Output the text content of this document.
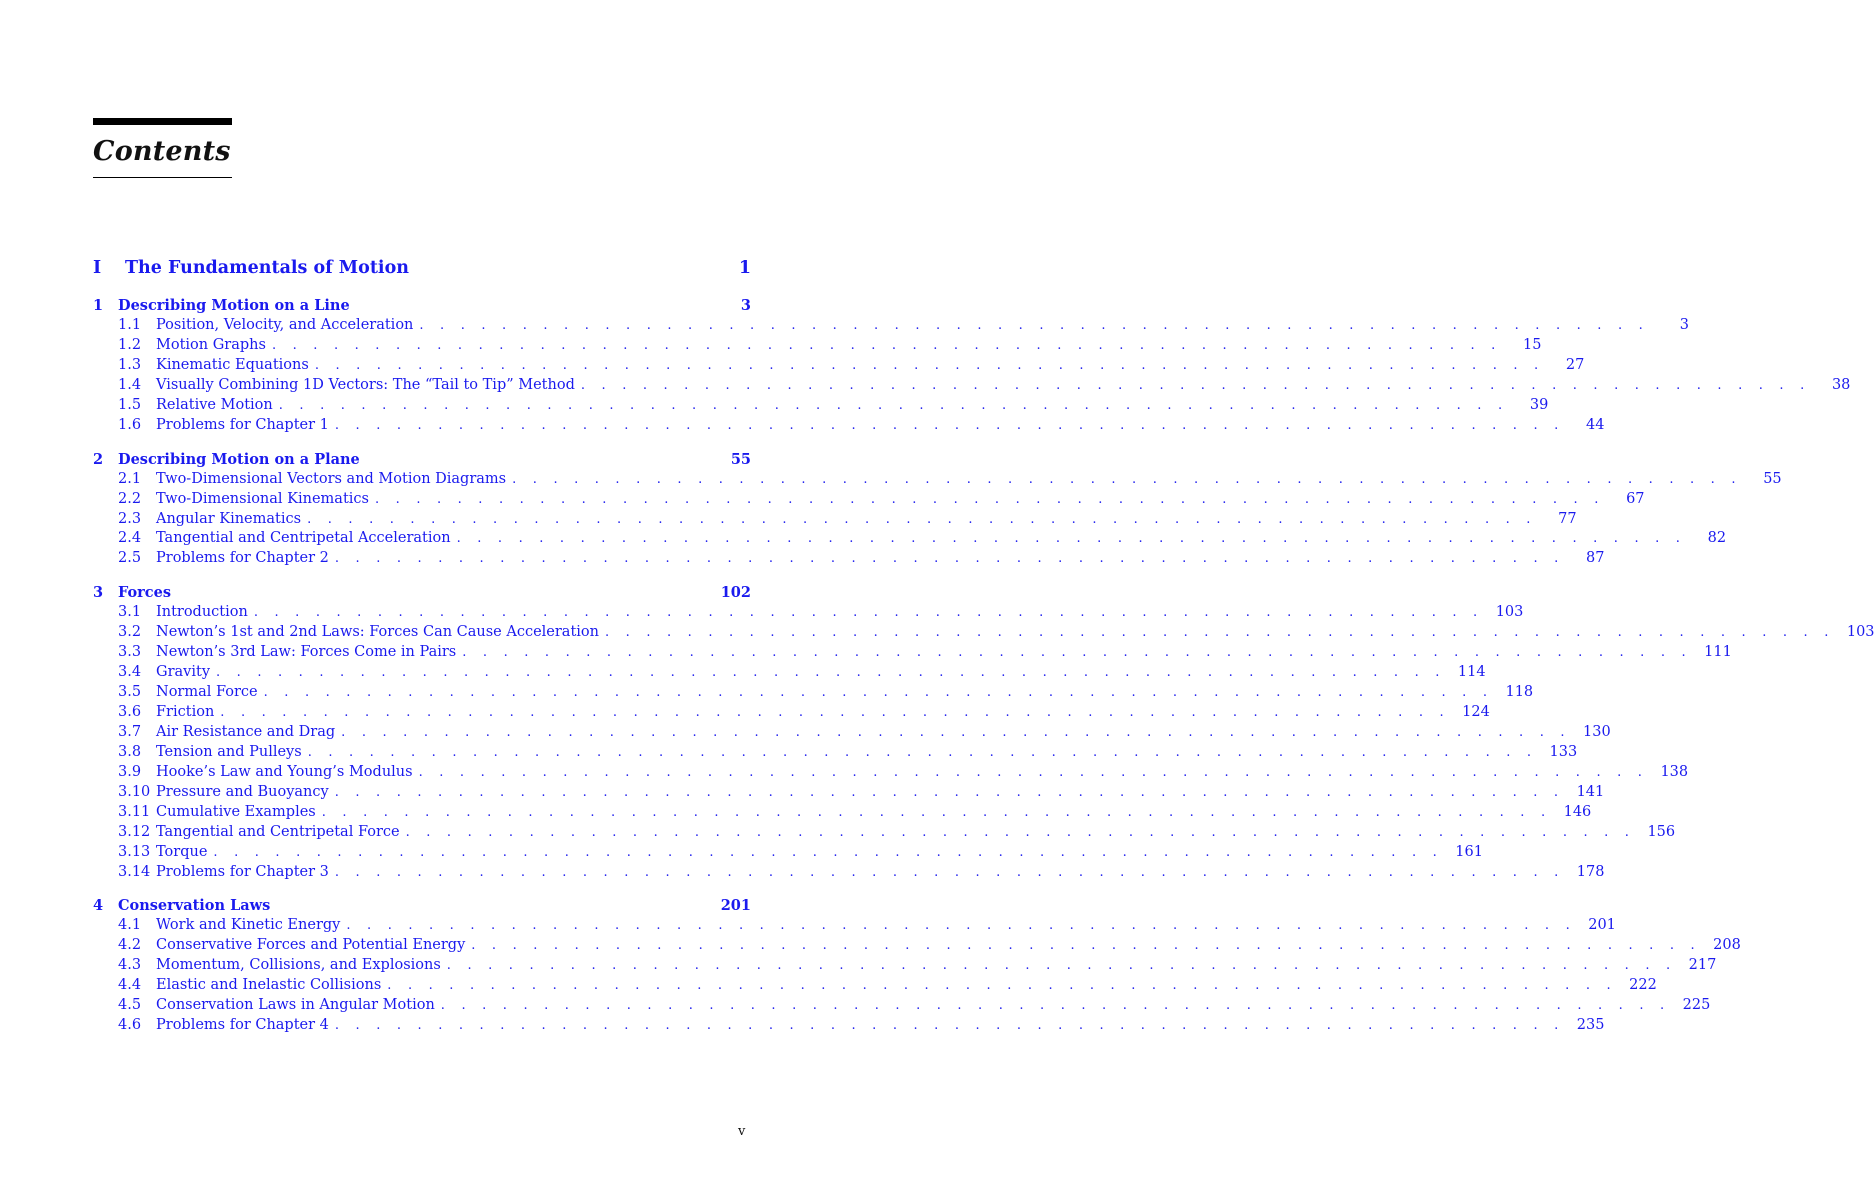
Contents
I	The Fundamentals of Motion	1
1	Describing Motion on a Line	3
1.1	Position, Velocity, and Acceleration . . . . . . . . . . . . . . . . . . . . . . . . . . . . . . . . . . . . . . . . . . . . . . . . . . . . . . . . . . . .	3
1.2	Motion Graphs . . . . . . . . . . . . . . . . . . . . . . . . . . . . . . . . . . . . . . . . . . . . . . . . . . . . . . . . . . . .	15
1.3	Kinematic Equations . . . . . . . . . . . . . . . . . . . . . . . . . . . . . . . . . . . . . . . . . . . . . . . . . . . . . . . . . . . .	27
1.4	Visually Combining 1D Vectors: The “Tail to Tip” Method . . . . . . . . . . . . . . . . . . . . . . . . . . . . . . . . . . . . . . . . . . . . . . . . . . . . . . . . . . . .	38
1.5	Relative Motion . . . . . . . . . . . . . . . . . . . . . . . . . . . . . . . . . . . . . . . . . . . . . . . . . . . . . . . . . . . .	39
1.6	Problems for Chapter 1 . . . . . . . . . . . . . . . . . . . . . . . . . . . . . . . . . . . . . . . . . . . . . . . . . . . . . . . . . . . .	44
2	Describing Motion on a Plane	55
2.1	Two-Dimensional Vectors and Motion Diagrams . . . . . . . . . . . . . . . . . . . . . . . . . . . . . . . . . . . . . . . . . . . . . . . . . . . . . . . . . . . .	55
2.2	Two-Dimensional Kinematics . . . . . . . . . . . . . . . . . . . . . . . . . . . . . . . . . . . . . . . . . . . . . . . . . . . . . . . . . . . .	67
2.3	Angular Kinematics . . . . . . . . . . . . . . . . . . . . . . . . . . . . . . . . . . . . . . . . . . . . . . . . . . . . . . . . . . . .	77
2.4	Tangential and Centripetal Acceleration . . . . . . . . . . . . . . . . . . . . . . . . . . . . . . . . . . . . . . . . . . . . . . . . . . . . . . . . . . . .	82
2.5	Problems for Chapter 2 . . . . . . . . . . . . . . . . . . . . . . . . . . . . . . . . . . . . . . . . . . . . . . . . . . . . . . . . . . . .	87
3	Forces	102
3.1	Introduction . . . . . . . . . . . . . . . . . . . . . . . . . . . . . . . . . . . . . . . . . . . . . . . . . . . . . . . . . . . . 103
3.2	Newton’s 1st and 2nd Laws: Forces Can Cause Acceleration . . . . . . . . . . . . . . . . . . . . . . . . . . . . . . . . . . . . . . . . . . . . . . . . . . . . . . . . . . . . 103
3.3	Newton’s 3rd Law: Forces Come in Pairs . . . . . . . . . . . . . . . . . . . . . . . . . . . . . . . . . . . . . . . . . . . . . . . . . . . . . . . . . . . . 111
3.4	Gravity . . . . . . . . . . . . . . . . . . . . . . . . . . . . . . . . . . . . . . . . . . . . . . . . . . . . . . . . . . . . 114
3.5	Normal Force . . . . . . . . . . . . . . . . . . . . . . . . . . . . . . . . . . . . . . . . . . . . . . . . . . . . . . . . . . . . 118
3.6	Friction . . . . . . . . . . . . . . . . . . . . . . . . . . . . . . . . . . . . . . . . . . . . . . . . . . . . . . . . . . . . 124
3.7	Air Resistance and Drag . . . . . . . . . . . . . . . . . . . . . . . . . . . . . . . . . . . . . . . . . . . . . . . . . . . . . . . . . . . . 130
3.8	Tension and Pulleys . . . . . . . . . . . . . . . . . . . . . . . . . . . . . . . . . . . . . . . . . . . . . . . . . . . . . . . . . . . . 133
3.9	Hooke’s Law and Young’s Modulus . . . . . . . . . . . . . . . . . . . . . . . . . . . . . . . . . . . . . . . . . . . . . . . . . . . . . . . . . . . . 138
3.10 Pressure and Buoyancy . . . . . . . . . . . . . . . . . . . . . . . . . . . . . . . . . . . . . . . . . . . . . . . . . . . . . . . . . . . . 141
3.11 Cumulative Examples . . . . . . . . . . . . . . . . . . . . . . . . . . . . . . . . . . . . . . . . . . . . . . . . . . . . . . . . . . . . 146
3.12 Tangential and Centripetal Force . . . . . . . . . . . . . . . . . . . . . . . . . . . . . . . . . . . . . . . . . . . . . . . . . . . . . . . . . . . . 156
3.13 Torque . . . . . . . . . . . . . . . . . . . . . . . . . . . . . . . . . . . . . . . . . . . . . . . . . . . . . . . . . . . . 161
3.14 Problems for Chapter 3 . . . . . . . . . . . . . . . . . . . . . . . . . . . . . . . . . . . . . . . . . . . . . . . . . . . . . . . . . . . . 178
4	Conservation Laws	201
4.1	Work and Kinetic Energy . . . . . . . . . . . . . . . . . . . . . . . . . . . . . . . . . . . . . . . . . . . . . . . . . . . . . . . . . . . . 201
4.2	Conservative Forces and Potential Energy . . . . . . . . . . . . . . . . . . . . . . . . . . . . . . . . . . . . . . . . . . . . . . . . . . . . . . . . . . . . 208
4.3	Momentum, Collisions, and Explosions . . . . . . . . . . . . . . . . . . . . . . . . . . . . . . . . . . . . . . . . . . . . . . . . . . . . . . . . . . . . 217
4.4	Elastic and Inelastic Collisions . . . . . . . . . . . . . . . . . . . . . . . . . . . . . . . . . . . . . . . . . . . . . . . . . . . . . . . . . . . . 222
4.5	Conservation Laws in Angular Motion . . . . . . . . . . . . . . . . . . . . . . . . . . . . . . . . . . . . . . . . . . . . . . . . . . . . . . . . . . . . 225
4.6	Problems for Chapter 4 . . . . . . . . . . . . . . . . . . . . . . . . . . . . . . . . . . . . . . . . . . . . . . . . . . . . . . . . . . . . 235
v
